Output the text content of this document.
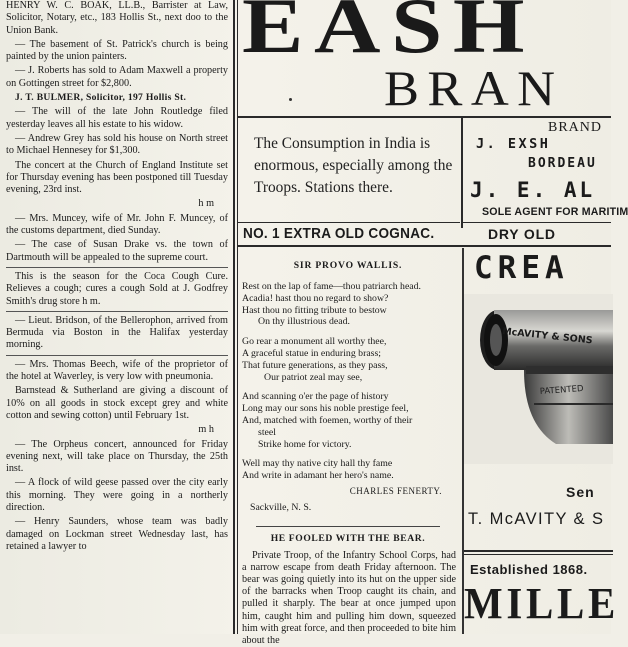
HENRY W. C. BOAK, LL.B., Barrister at Law, Solicitor, Notary, etc., 183 Hollis St., next doo to the Union Bank.

— The basement of St. Patrick's church is being painted by the union painters.

— J. Roberts has sold to Adam Maxwell a property on Gottingen street for $2,800.

J. T. BULMER, Solicitor, 197 Hollis St.

— The will of the late John Routledge filed yesterday leaves all his estate to his widow.

— Andrew Grey has sold his house on North street to Michael Hennesey for $1,300.

The concert at the Church of England Institute set for Thursday evening has been postponed till Tuesday evening, 23rd inst.

h m

— Mrs. Muncey, wife of Mr. John F. Muncey, of the customs department, died Sunday.

— The case of Susan Drake vs. the town of Dartmouth will be appealed to the supreme court.

This is the season for the Coca Cough Cure. Relieves a cough; cures a cough Sold at J. Godfrey Smith's drug store h m.

— Lieut. Bridson, of the Bellerophon, arrived from Bermuda via Boston in the Halifax yesterday morning.

— Mrs. Thomas Beech, wife of the proprietor of the hotel at Waverley, is very low with pneumonia.

Barnstead & Sutherland are giving a discount of 10% on all goods in stock except grey and white cotton and sewing cotton) until February 1st.

m h

— The Orpheus concert, announced for Friday evening next, will take place on Thursday, the 25th inst.

— A flock of wild geese passed over the city early this morning. They were going in a northerly direction.

— Henry Saunders, whose team was badly damaged on Lockman street Wednesday last, has retained a lawyer to

EASH
BRAN
The Consumption in India is enormous, especially among the Troops. Stations there.
BRAND
J. EXSH
BORDEAU
J. E. AL
SOLE AGENT FOR MARITIM
NO. 1 EXTRA OLD COGNAC.	DRY OLD
SIR PROVO WALLIS.
Rest on the lap of fame—thou patriarch head.
Acadia! hast thou no regard to show?
Hast thou no fitting tribute to bestow
On thy illustrious dead.
Go rear a monument all worthy thee,
A graceful statue in enduring brass;
That future generations, as they pass,
Our patriot zeal may see,
And scanning o'er the page of history
Long may our sons his noble prestige feel,
And, matched with foemen, worthy of their
steel
Strike home for victory.
Well may thy native city hall thy fame
And write in adamant her hero's name.
CHARLES FENERTY.
Sackville, N. S.
HE FOOLED WITH THE BEAR.

Private Troop, of the Infantry School Corps, had a narrow escape from death Friday afternoon. The bear was going quietly into its hut on the upper side of the barracks when Troop caught its chain, and pulled it sharply. The bear at once jumped upon him, caught him and pulling him down, squeezed him with great force, and then proceeded to bite him about the

CREA
McAVITY & SONS
PATENTED
Sen
T. McAVITY & S
Established 1868.
MILLE
